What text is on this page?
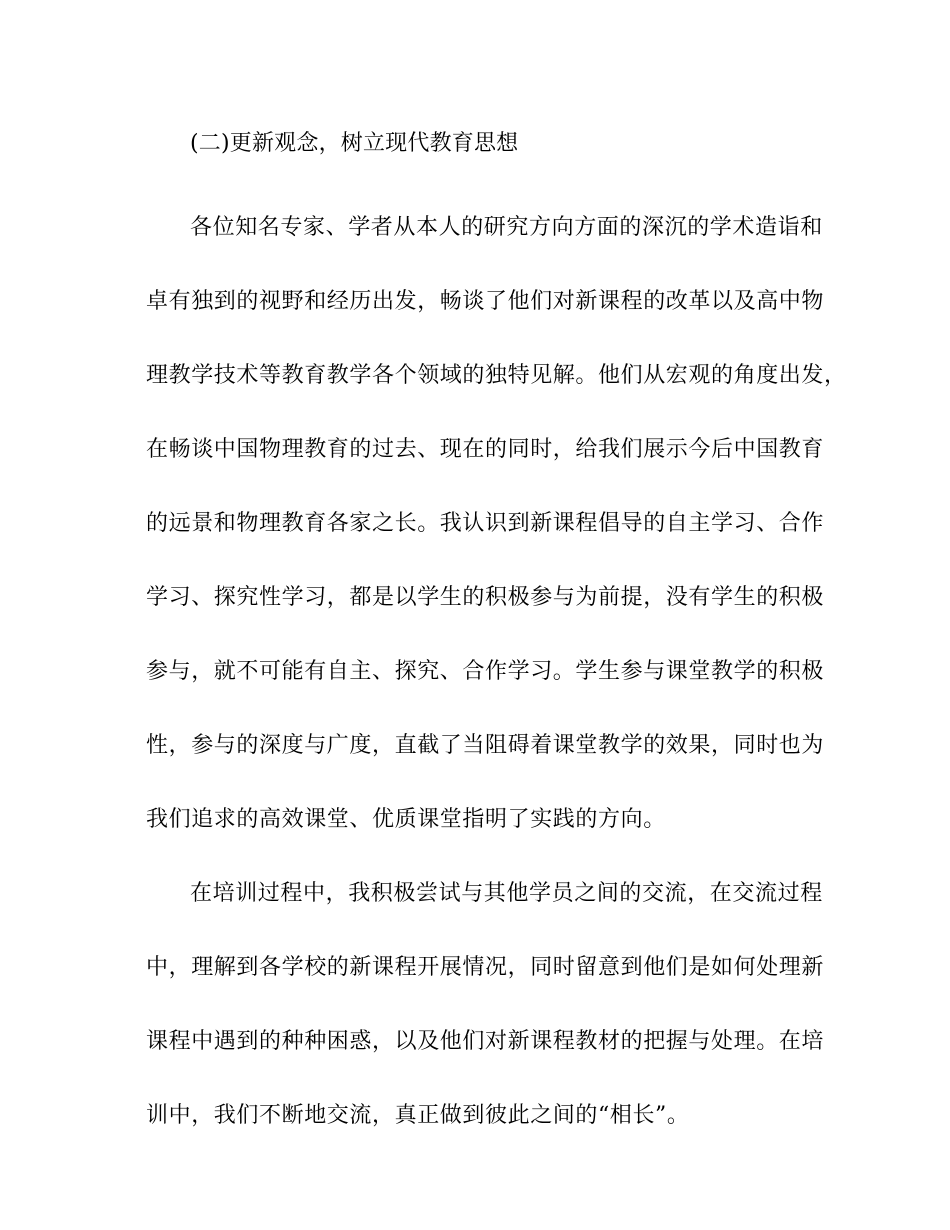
(二)更新观念，树立现代教育思想

各位知名专家、学者从本人的研究方向方面的深沉的学术造诣和
卓有独到的视野和经历出发，畅谈了他们对新课程的改革以及高中物
理教学技术等教育教学各个领域的独特见解。他们从宏观的角度出发，
在畅谈中国物理教育的过去、现在的同时，给我们展示今后中国教育
的远景和物理教育各家之长。我认识到新课程倡导的自主学习、合作
学习、探究性学习，都是以学生的积极参与为前提，没有学生的积极
参与，就不可能有自主、探究、合作学习。学生参与课堂教学的积极
性，参与的深度与广度，直截了当阻碍着课堂教学的效果，同时也为
我们追求的高效课堂、优质课堂指明了实践的方向。

在培训过程中，我积极尝试与其他学员之间的交流，在交流过程
中，理解到各学校的新课程开展情况，同时留意到他们是如何处理新
课程中遇到的种种困惑，以及他们对新课程教材的把握与处理。在培
训中，我们不断地交流，真正做到彼此之间的“相长”。
